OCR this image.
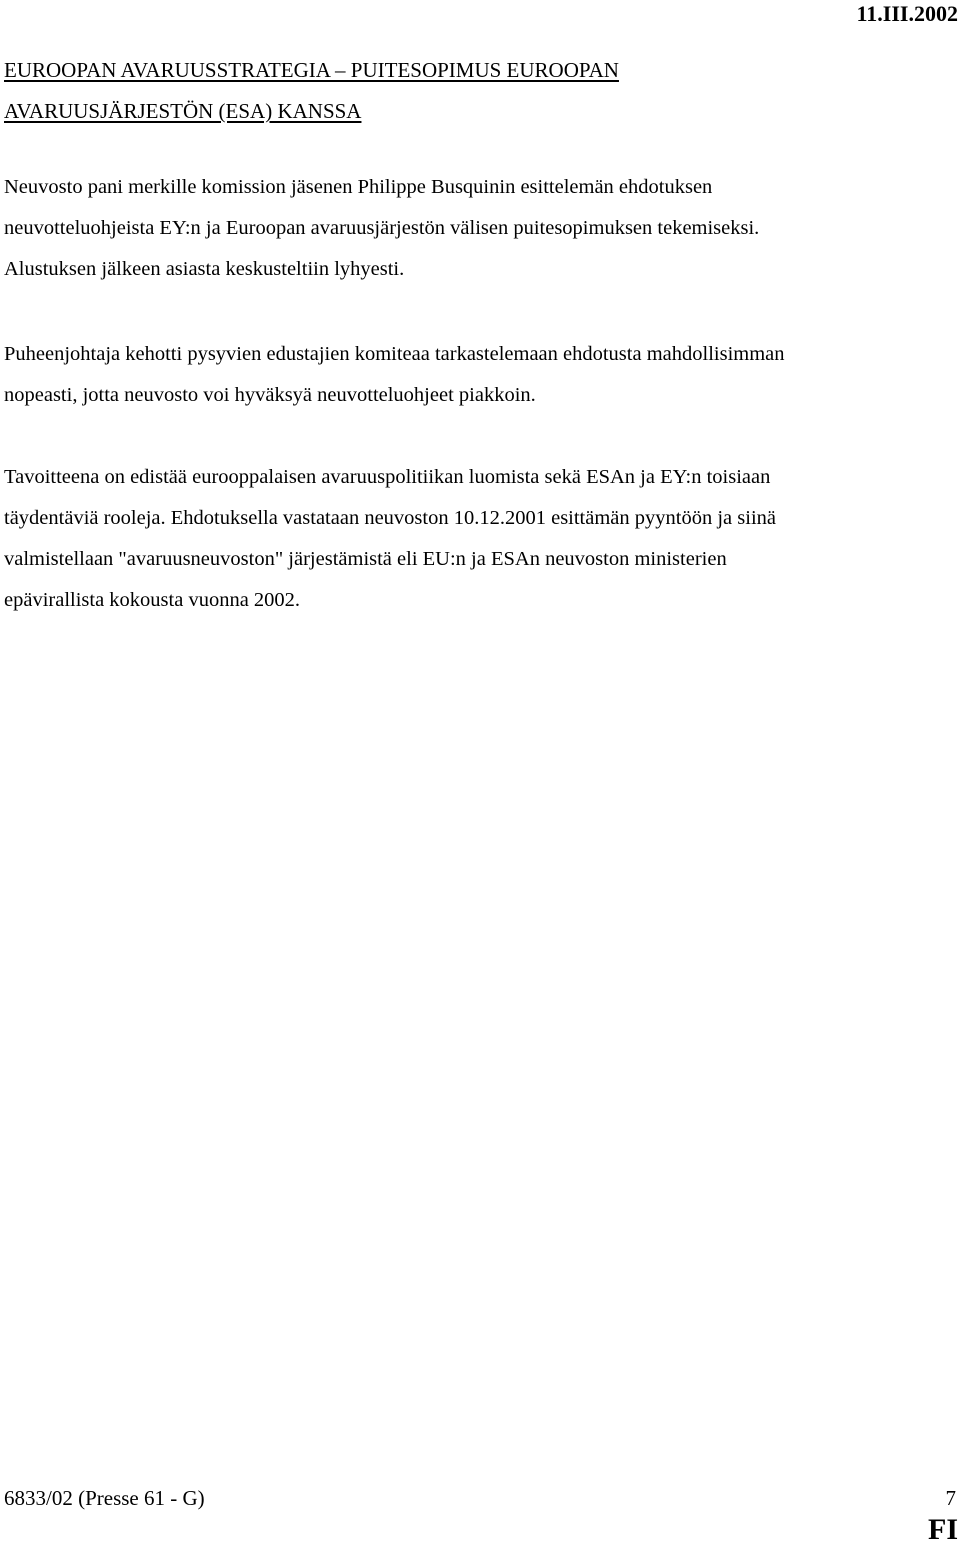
11.III.2002
EUROOPAN AVARUUSSTRATEGIA – PUITESOPIMUS EUROOPAN
AVARUUSJÄRJESTÖN (ESA) KANSSA

Neuvosto pani merkille komission jäsenen Philippe Busquinin esittelemän ehdotuksen
neuvotteluohjeista EY:n ja Euroopan avaruusjärjestön välisen puitesopimuksen tekemiseksi.
Alustuksen jälkeen asiasta keskusteltiin lyhyesti.

Puheenjohtaja kehotti pysyvien edustajien komiteaa tarkastelemaan ehdotusta mahdollisimman
nopeasti, jotta neuvosto voi hyväksyä neuvotteluohjeet piakkoin.

Tavoitteena on edistää eurooppalaisen avaruuspolitiikan luomista sekä ESAn ja EY:n toisiaan
täydentäviä rooleja. Ehdotuksella vastataan neuvoston 10.12.2001 esittämän pyyntöön ja siinä
valmistellaan "avaruusneuvoston" järjestämistä eli EU:n ja ESAn neuvoston ministerien
epävirallista kokousta vuonna 2002.

6833/02 (Presse 61 - G)	7
FI
